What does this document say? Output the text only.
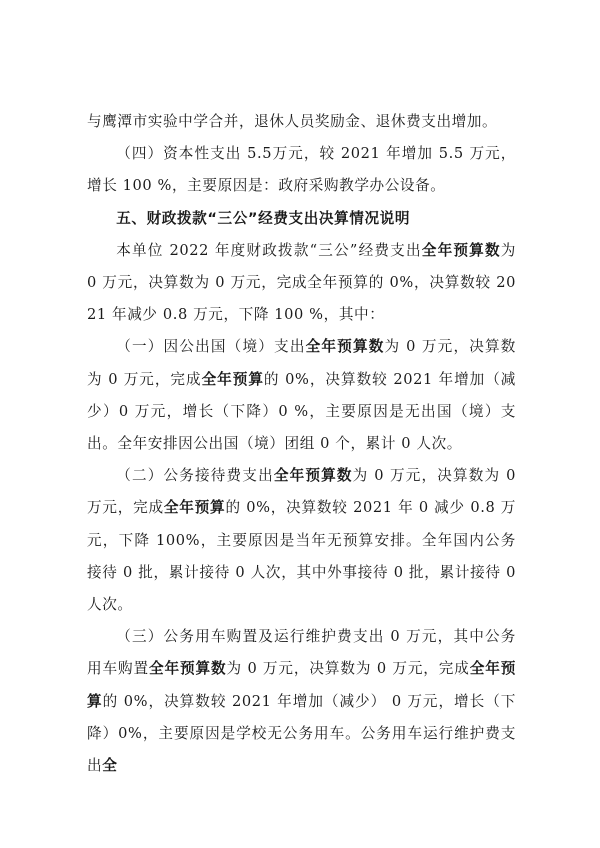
与鹰潭市实验中学合并，退休人员奖励金、退休费支出增加。

（四）资本性支出 5.5万元，较 2021 年增加 5.5 万元，增长 100 %，主要原因是：政府采购教学办公设备。

五、财政拨款“三公”经费支出决算情况说明

本单位 2022 年度财政拨款“三公”经费支出全年预算数为 0 万元，决算数为 0 万元，完成全年预算的 0%，决算数较 2021 年减少 0.8 万元，下降 100 %，其中：

（一）因公出国（境）支出全年预算数为 0 万元，决算数为 0 万元，完成全年预算的 0%，决算数较 2021 年增加（减少）0 万元，增长（下降）0 %，主要原因是无出国（境）支出。全年安排因公出国（境）团组 0 个，累计 0 人次。

（二）公务接待费支出全年预算数为 0 万元，决算数为 0 万元，完成全年预算的 0%，决算数较 2021 年 0 减少 0.8 万元，下降 100%，主要原因是当年无预算安排。全年国内公务接待 0 批，累计接待 0 人次，其中外事接待 0 批，累计接待 0 人次。

（三）公务用车购置及运行维护费支出 0 万元，其中公务用车购置全年预算数为 0 万元，决算数为 0 万元，完成全年预算的 0%，决算数较 2021 年增加（减少） 0 万元，增长（下降）0%，主要原因是学校无公务用车。公务用车运行维护费支出全
